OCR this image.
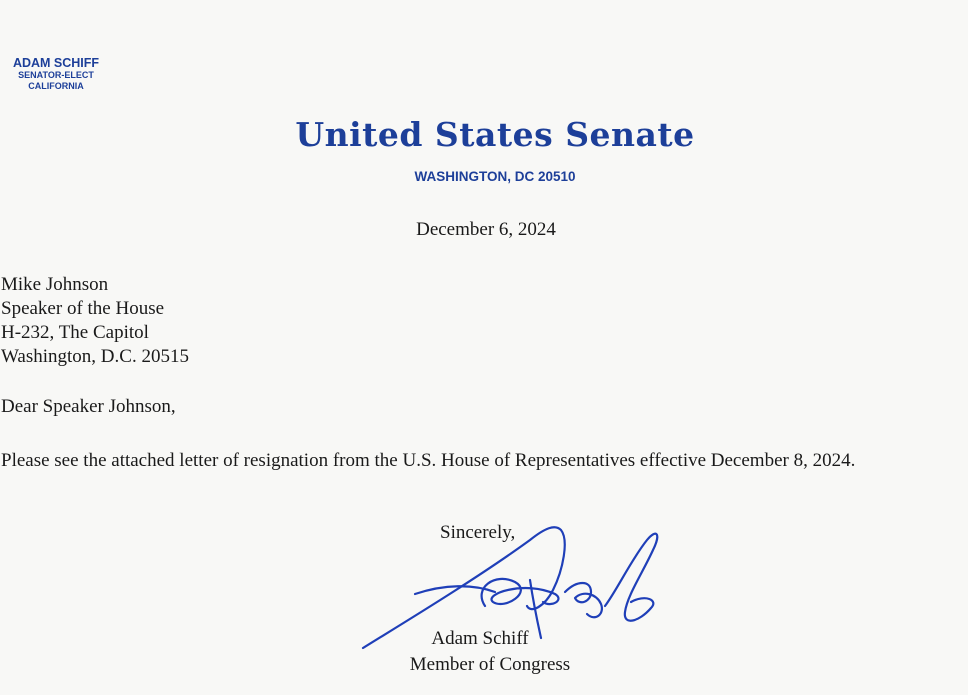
ADAM SCHIFF
SENATOR-ELECT
CALIFORNIA
United States Senate
WASHINGTON, DC 20510
December 6, 2024
Mike Johnson
Speaker of the House
H-232, The Capitol
Washington, D.C. 20515
Dear Speaker Johnson,
Please see the attached letter of resignation from the U.S. House of Representatives effective December 8, 2024.
Sincerely,
Adam Schiff
Member of Congress
